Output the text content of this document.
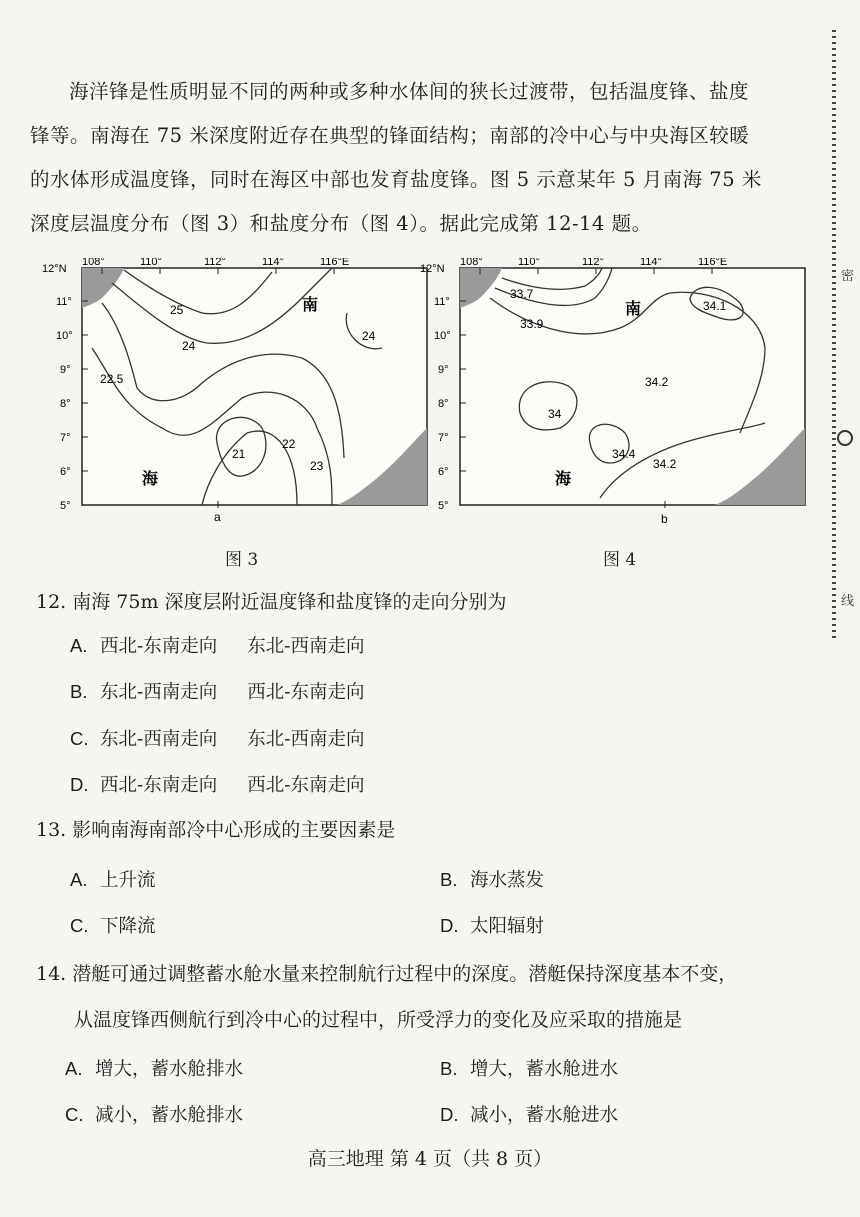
海洋锋是性质明显不同的两种或多种水体间的狭长过渡带，包括温度锋、盐度

锋等。南海在 75 米深度附近存在典型的锋面结构；南部的冷中心与中央海区较暖

的水体形成温度锋，同时在海区中部也发育盐度锋。图 5 示意某年 5 月南海 75 米

深度层温度分布（图 3）和盐度分布（图 4）。据此完成第 12-14 题。

25
24
22.5
24
21
22
23
108°	110°	112°	114°	116°E
12°N
11°
10°
9°
8°
7°
6°
5°
南
海
a
33.7
33.9
34.1
34.2
34
34.4
34.2
108°	110°	112°	114°	116°E
12°N
11°
10°
9°
8°
7°
6°
5°
南
海
b
图 3	图 4
12. 南海 75m 深度层附近温度锋和盐度锋的走向分别为
A. 西北-东南走向 东北-西南走向
B. 东北-西南走向 西北-东南走向
C. 东北-西南走向 东北-西南走向
D. 西北-东南走向 西北-东南走向
13. 影响南海南部冷中心形成的主要因素是
A. 上升流	B. 海水蒸发
C. 下降流	D. 太阳辐射
14. 潜艇可通过调整蓄水舱水量来控制航行过程中的深度。潜艇保持深度基本不变，
从温度锋西侧航行到冷中心的过程中，所受浮力的变化及应采取的措施是
A. 增大，蓄水舱排水	B. 增大，蓄水舱进水
C. 减小，蓄水舱排水	D. 减小，蓄水舱进水
高三地理 第 4 页（共 8 页）
密
线
